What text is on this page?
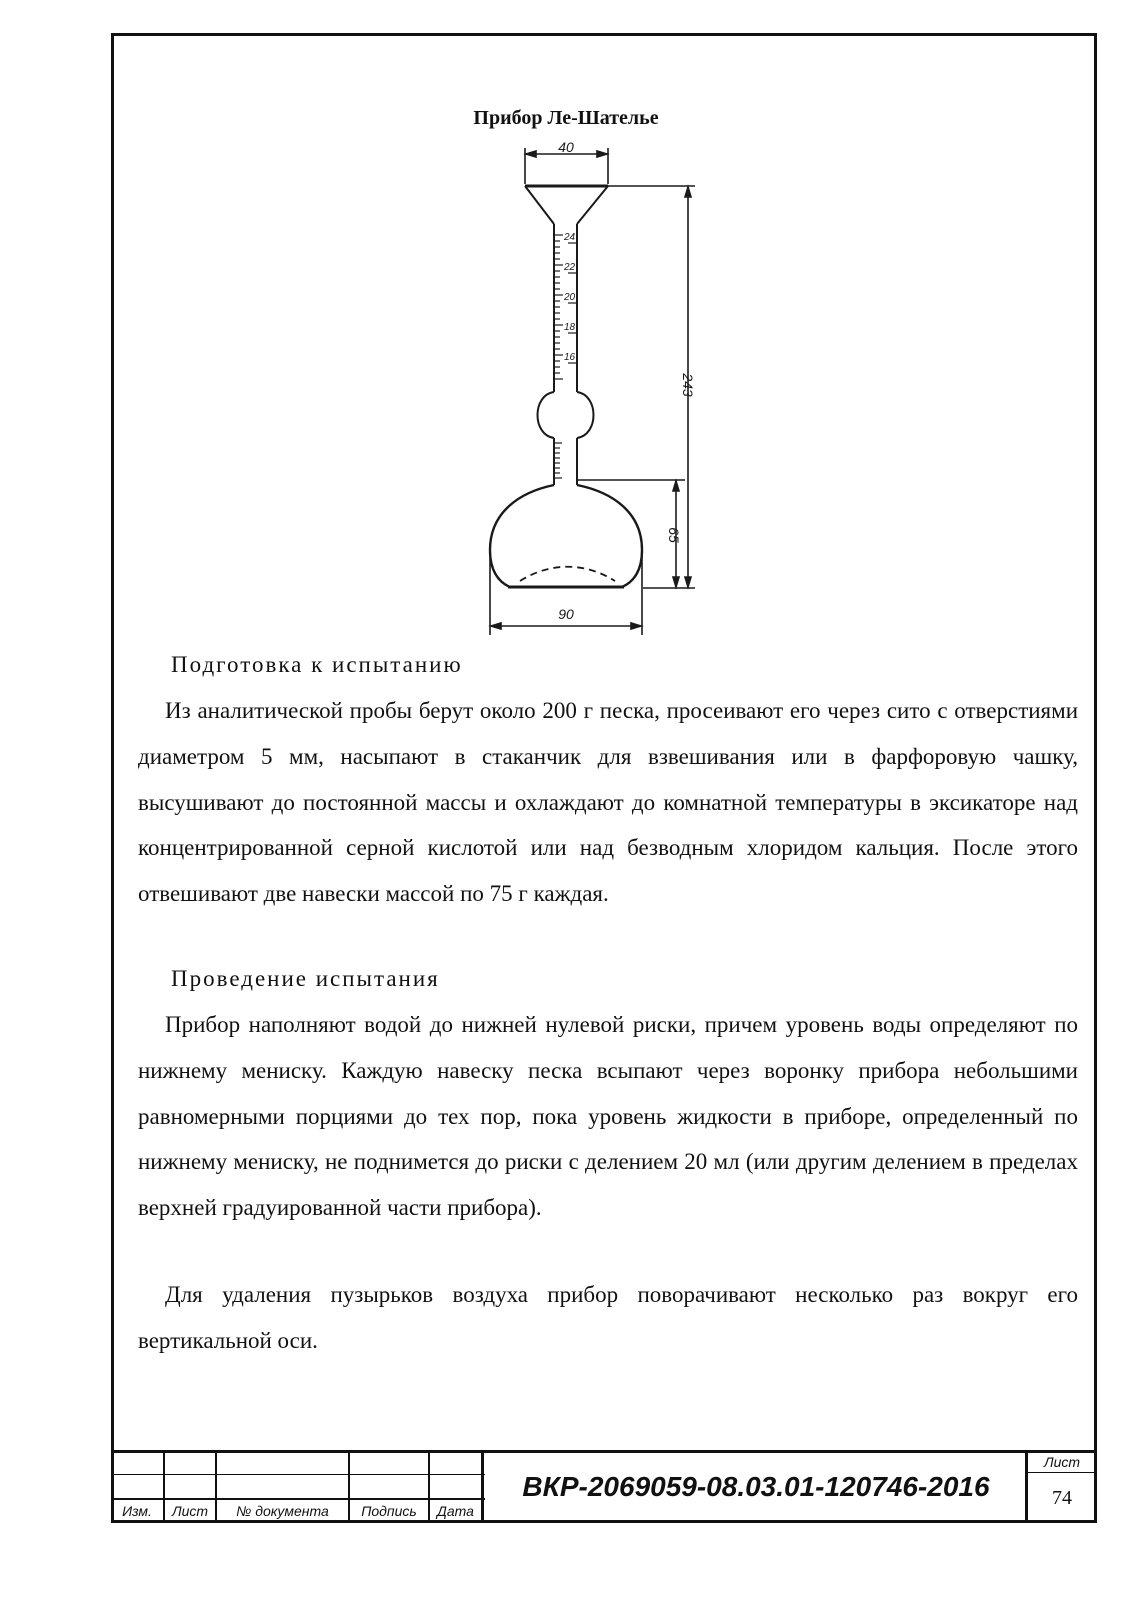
Прибор Ле-Шателье
40
24
22
20
18
16
243
65
90
Подготовка к испытанию

Из аналитической пробы берут около 200 г песка, просеивают его через сито с отверстиями диаметром 5 мм, насыпают в стаканчик для взвешивания или в фарфоровую чашку, высушивают до постоянной массы и охлаждают до комнатной температуры в эксикаторе над концентрированной серной кислотой или над безводным хлоридом кальция. После этого отвешивают две навески массой по 75 г каждая.

Проведение испытания

Прибор наполняют водой до нижней нулевой риски, причем уровень воды определяют по нижнему мениску. Каждую навеску песка всыпают через воронку прибора небольшими равномерными порциями до тех пор, пока уровень жидкости в приборе, определенный по нижнему мениску, не поднимется до риски с делением 20 мл (или другим делением в пределах верхней градуированной части прибора).

Для удаления пузырьков воздуха прибор поворачивают несколько раз вокруг его вертикальной оси.

Изм.	Лист	№ документа	Подпись	Дата
ВКР-2069059-08.03.01-120746-2016
Лист
74
